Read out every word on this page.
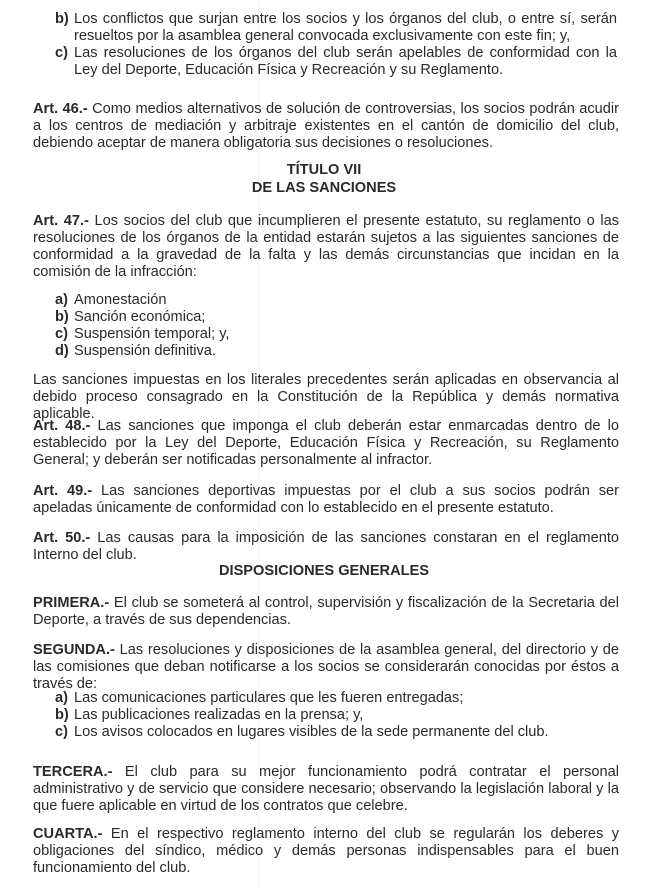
b) Los conflictos que surjan entre los socios y los órganos del club, o entre sí, serán resueltos por la asamblea general convocada exclusivamente con este fin; y,
c) Las resoluciones de los órganos del club serán apelables de conformidad con la Ley del Deporte, Educación Física y Recreación y su Reglamento.

Art. 46.- Como medios alternativos de solución de controversias, los socios podrán acudir a los centros de mediación y arbitraje existentes en el cantón de domicilio del club, debiendo aceptar de manera obligatoria sus decisiones o resoluciones.

TÍTULO VII
DE LAS SANCIONES

Art. 47.- Los socios del club que incumplieren el presente estatuto, su reglamento o las resoluciones de los órganos de la entidad estarán sujetos a las siguientes sanciones de conformidad a la gravedad de la falta y las demás circunstancias que incidan en la comisión de la infracción:

a) Amonestación
b) Sanción económica;
c) Suspensión temporal; y,
d) Suspensión definitiva.

Las sanciones impuestas en los literales precedentes serán aplicadas en observancia al debido proceso consagrado en la Constitución de la República y demás normativa aplicable.

Art. 48.- Las sanciones que imponga el club deberán estar enmarcadas dentro de lo establecido por la Ley del Deporte, Educación Física y Recreación, su Reglamento General; y deberán ser notificadas personalmente al infractor.

Art. 49.- Las sanciones deportivas impuestas por el club a sus socios podrán ser apeladas únicamente de conformidad con lo establecido en el presente estatuto.

Art. 50.- Las causas para la imposición de las sanciones constaran en el reglamento Interno del club.

DISPOSICIONES GENERALES

PRIMERA.- El club se someterá al control, supervisión y fiscalización de la Secretaria del Deporte, a través de sus dependencias.

SEGUNDA.- Las resoluciones y disposiciones de la asamblea general, del directorio y de las comisiones que deban notificarse a los socios se considerarán conocidas por éstos a través de:

a) Las comunicaciones particulares que les fueren entregadas;
b) Las publicaciones realizadas en la prensa; y,
c) Los avisos colocados en lugares visibles de la sede permanente del club.

TERCERA.- El club para su mejor funcionamiento podrá contratar el personal administrativo y de servicio que considere necesario; observando la legislación laboral y la que fuere aplicable en virtud de los contratos que celebre.

CUARTA.- En el respectivo reglamento interno del club se regularán los deberes y obligaciones del síndico, médico y demás personas indispensables para el buen funcionamiento del club.
